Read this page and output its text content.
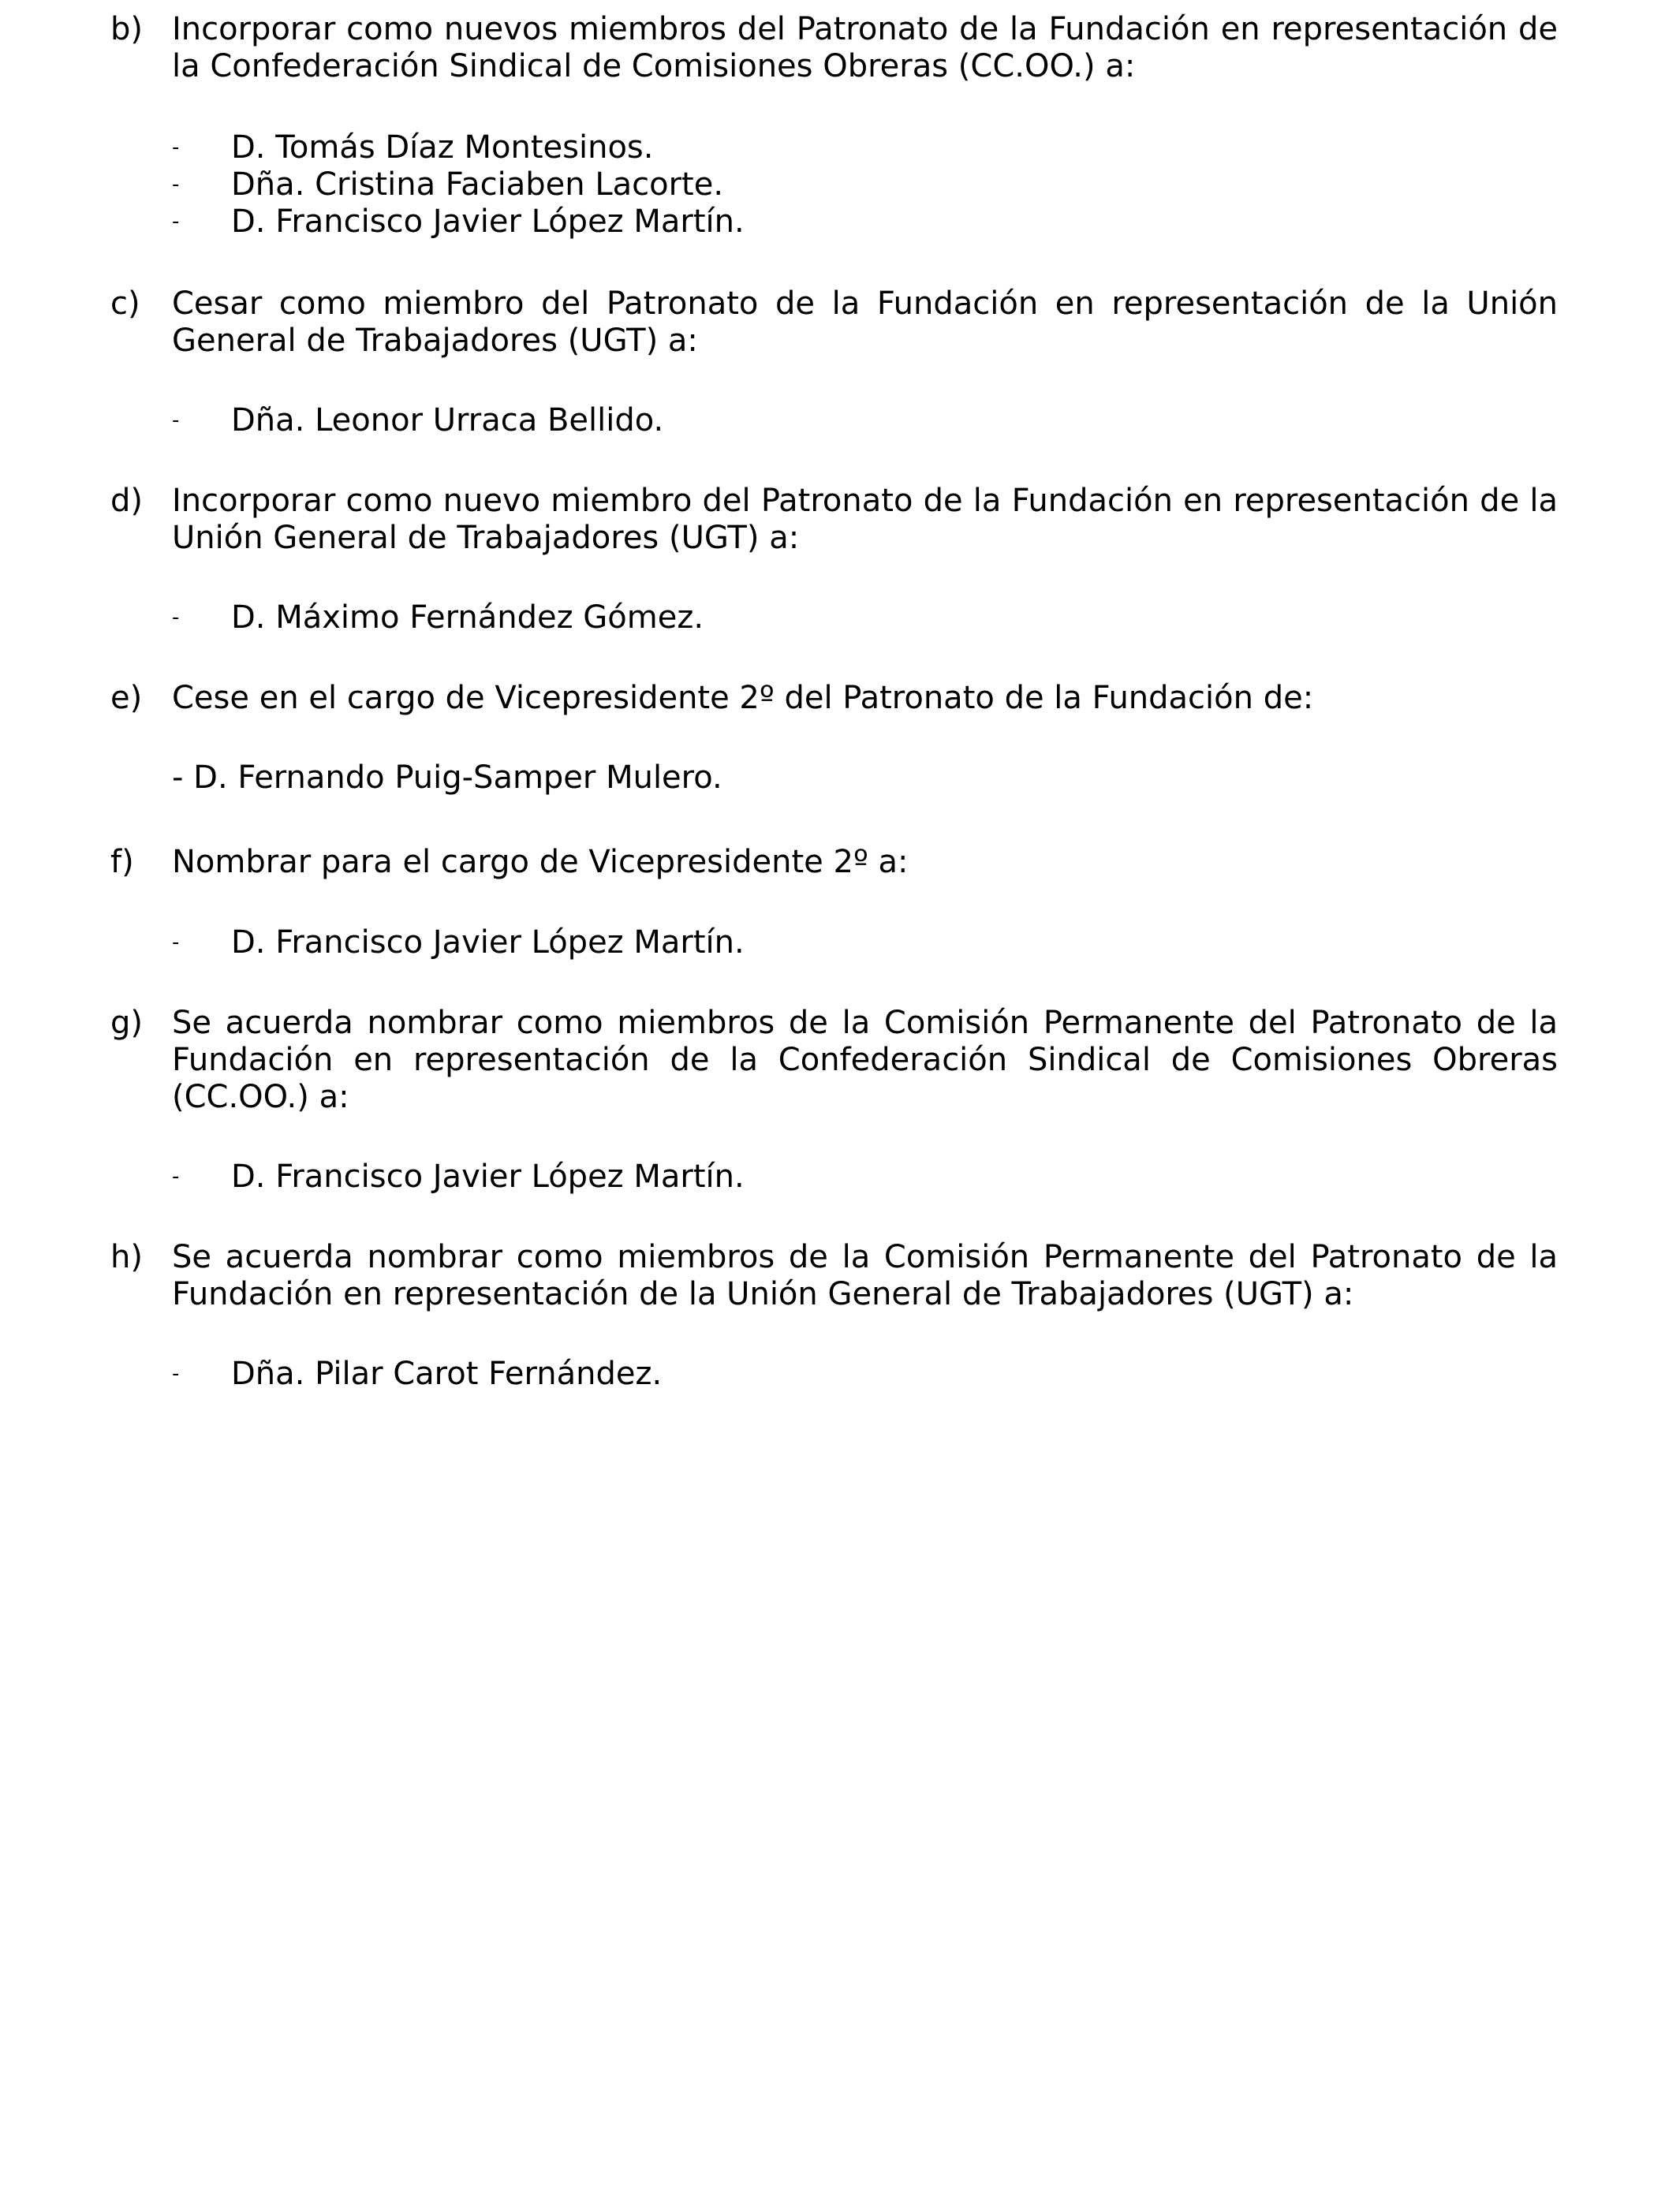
b) Incorporar como nuevos miembros del Patronato de la Fundación en representación de la Confederación Sindical de Comisiones Obreras (CC.OO.) a:
- D. Tomás Díaz Montesinos.
- Dña. Cristina Faciaben Lacorte.
- D. Francisco Javier López Martín.
c) Cesar como miembro del Patronato de la Fundación en representación de la Unión General de Trabajadores (UGT) a:
- Dña. Leonor Urraca Bellido.
d) Incorporar como nuevo miembro del Patronato de la Fundación en representación de la Unión General de Trabajadores (UGT) a:
- D. Máximo Fernández Gómez.
e) Cese en el cargo de Vicepresidente 2º del Patronato de la Fundación de:
- D. Fernando Puig-Samper Mulero.
f) Nombrar para el cargo de Vicepresidente 2º a:
- D. Francisco Javier López Martín.
g) Se acuerda nombrar como miembros de la Comisión Permanente del Patronato de la Fundación en representación de la Confederación Sindical de Comisiones Obreras (CC.OO.) a:
- D. Francisco Javier López Martín.
h) Se acuerda nombrar como miembros de la Comisión Permanente del Patronato de la Fundación en representación de la Unión General de Trabajadores (UGT) a:
- Dña. Pilar Carot Fernández.
